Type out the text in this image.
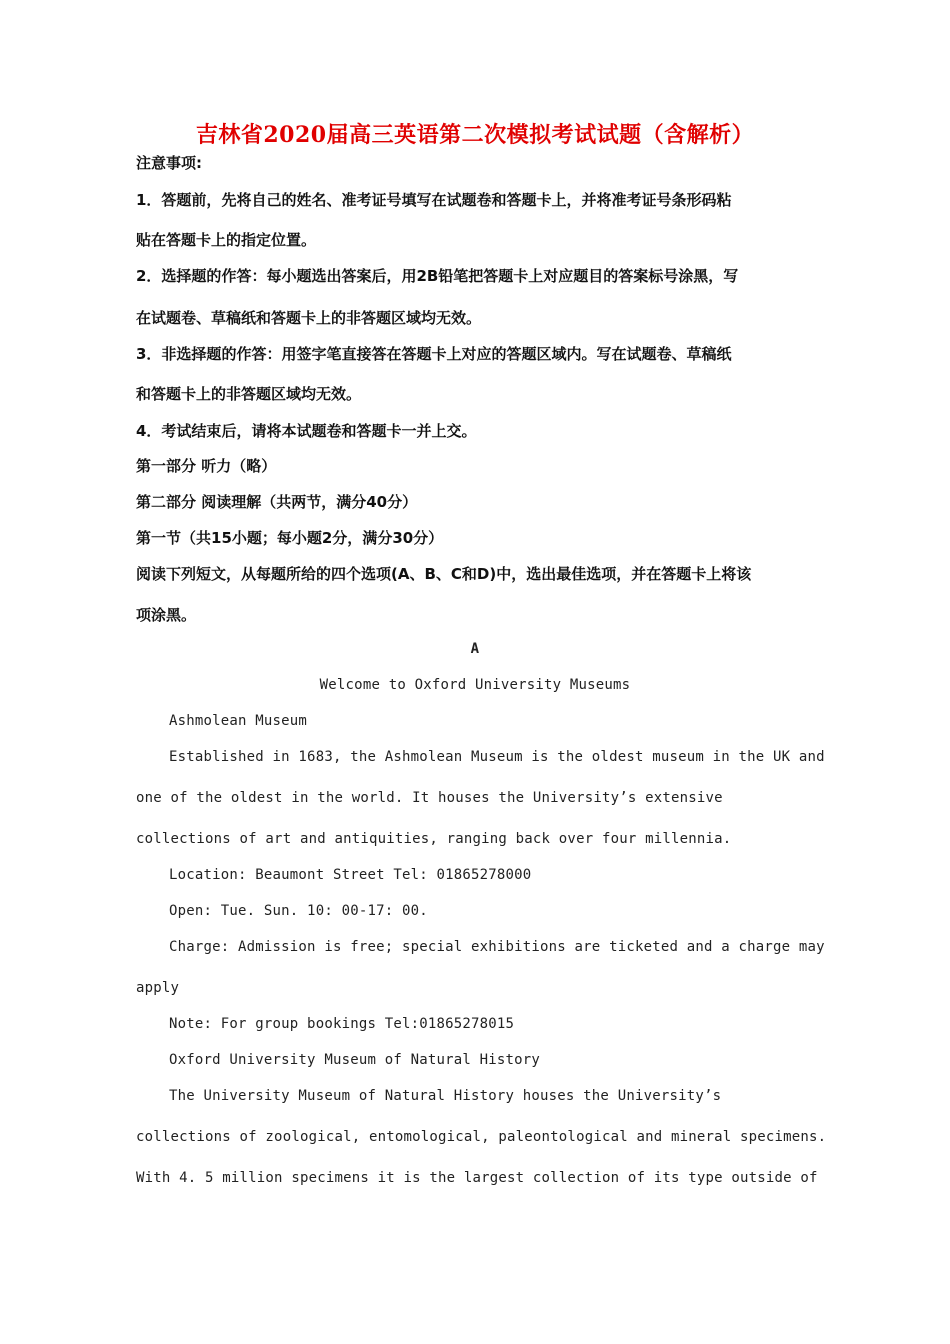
吉林省2020届高三英语第二次模拟考试试题（含解析）

注意事项:

1．答题前，先将自己的姓名、准考证号填写在试题卷和答题卡上，并将准考证号条形码粘

贴在答题卡上的指定位置。

2．选择题的作答：每小题选出答案后，用2B铅笔把答题卡上对应题目的答案标号涂黑，写

在试题卷、草稿纸和答题卡上的非答题区域均无效。

3．非选择题的作答：用签字笔直接答在答题卡上对应的答题区域内。写在试题卷、草稿纸

和答题卡上的非答题区域均无效。

4．考试结束后，请将本试题卷和答题卡一并上交。

第一部分 听力（略）

第二部分 阅读理解（共两节，满分40分）

第一节（共15小题；每小题2分，满分30分）

阅读下列短文，从每题所给的四个选项(A、B、C和D)中，选出最佳选项，并在答题卡上将该

项涂黑。

A

Welcome to Oxford University Museums

Ashmolean Museum

Established in 1683, the Ashmolean Museum is the oldest museum in the UK and

one of the oldest in the world. It houses the University’s extensive

collections of art and antiquities, ranging back over four millennia.

Location: Beaumont Street Tel: 01865278000

Open: Tue. Sun. 10: 00-17: 00.

Charge: Admission is free; special exhibitions are ticketed and a charge may

apply

Note: For group bookings Tel:01865278015

Oxford University Museum of Natural History

The University Museum of Natural History houses the University’s

collections of zoological, entomological, paleontological and mineral specimens.

With 4. 5 million specimens it is the largest collection of its type outside of
